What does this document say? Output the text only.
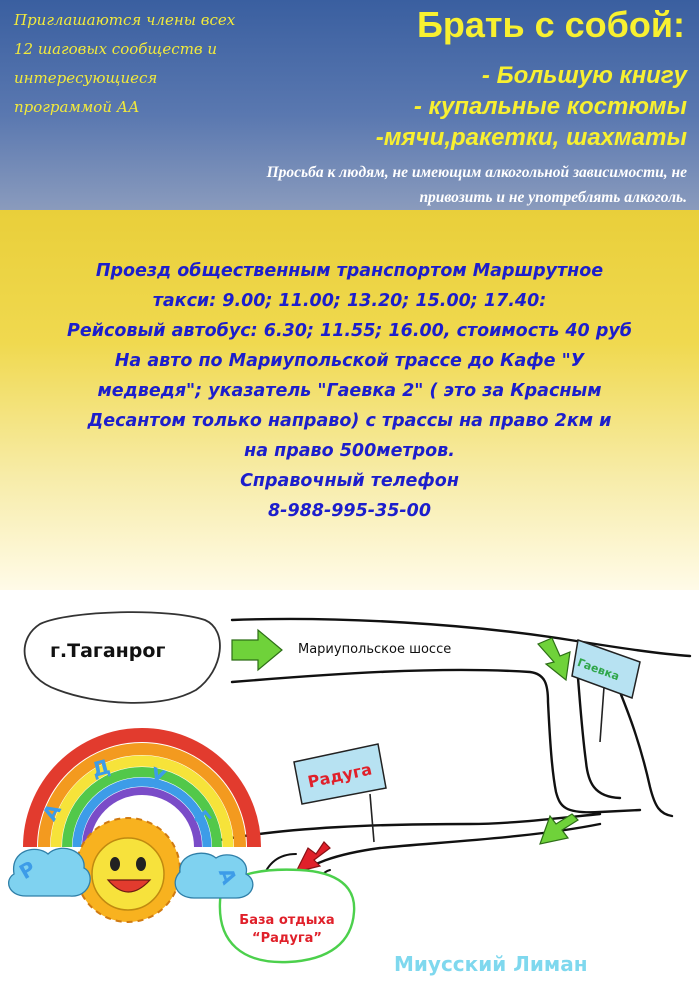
Приглашаются члены всех
12 шаговых сообществ и
интересующиеся
программой АА
Брать с собой:
- Большую книгу
- купальные костюмы
-мячи,ракетки, шахматы
Просьба к людям, не имеющим алкогольной зависимости, не
привозить и не употреблять алкоголь.
Проезд общественным транспортом Маршрутное
такси: 9.00; 11.00; 13.20; 15.00; 17.40:
Рейсовый автобус: 6.30; 11.55; 16.00, стоимость 40 руб
На авто по Мариупольской трассе до Кафе "У
медведя"; указатель "Гаевка 2" ( это за Красным
Десантом только направо) с трассы на право 2км и
на право 500метров.
Справочный телефон
8-988-995-35-00
г.Таганрог	Мариупольское шоссе
Гаевка
Радуга
База отдыха
“Радуга”
Миусский Лиман
Р
А
Д У
Г
А
